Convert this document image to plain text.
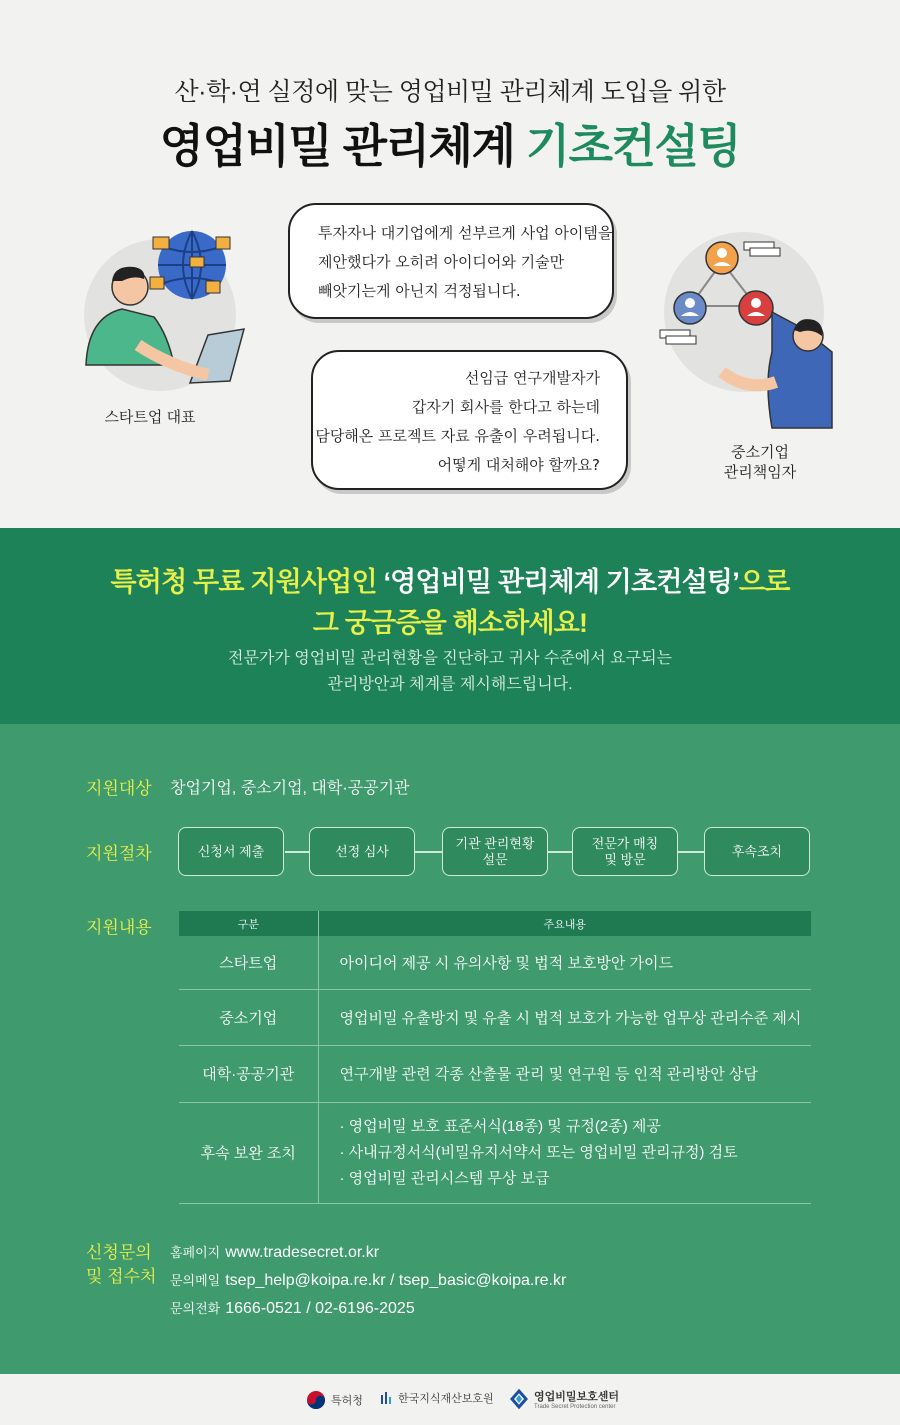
산·학·연 실정에 맞는 영업비밀 관리체계 도입을 위한
영업비밀 관리체계 기초컨설팅

투자자나 대기업에게 섣부르게 사업 아이템을

제안했다가 오히려 아이디어와 기술만

빼앗기는게 아닌지 걱정됩니다.

선임급 연구개발자가

갑자기 회사를 한다고 하는데

담당해온 프로젝트 자료 유출이 우려됩니다.

어떻게 대처해야 할까요?

스타트업 대표
중소기업
관리책임자
특허청 무료 지원사업인 ‘영업비밀 관리체계 기초컨설팅’으로
그 궁금증을 해소하세요!
전문가가 영업비밀 관리현황을 진단하고 귀사 수준에서 요구되는
관리방안과 체계를 제시해드립니다.
지원대상 창업기업, 중소기업, 대학·공공기관
지원절차	신청서 제출	선정 심사
기관 관리현황
설문
전문가 매칭
및 방문
후속조치
지원내용	구분	주요내용
스타트업	아이디어 제공 시 유의사항 및 법적 보호방안 가이드
중소기업	영업비밀 유출방지 및 유출 시 법적 보호가 가능한 업무상 관리수준 제시
대학·공공기관	연구개발 관련 각종 산출물 관리 및 연구원 등 인적 관리방안 상담
후속 보완 조치	· 영업비밀 보호 표준서식(18종) 및 규정(2종) 제공
· 사내규정서식(비밀유지서약서 또는 영업비밀 관리규정) 검토
· 영업비밀 관리시스템 무상 보급
신청문의
및 접수처
홈페이지 www.tradesecret.or.kr
문의메일 tsep_help@koipa.re.kr / tsep_basic@koipa.re.kr
문의전화 1666-0521 / 02-6196-2025
특허청	한국지식재산보호원	영업비밀보호센터
Trade Secret Protection center
